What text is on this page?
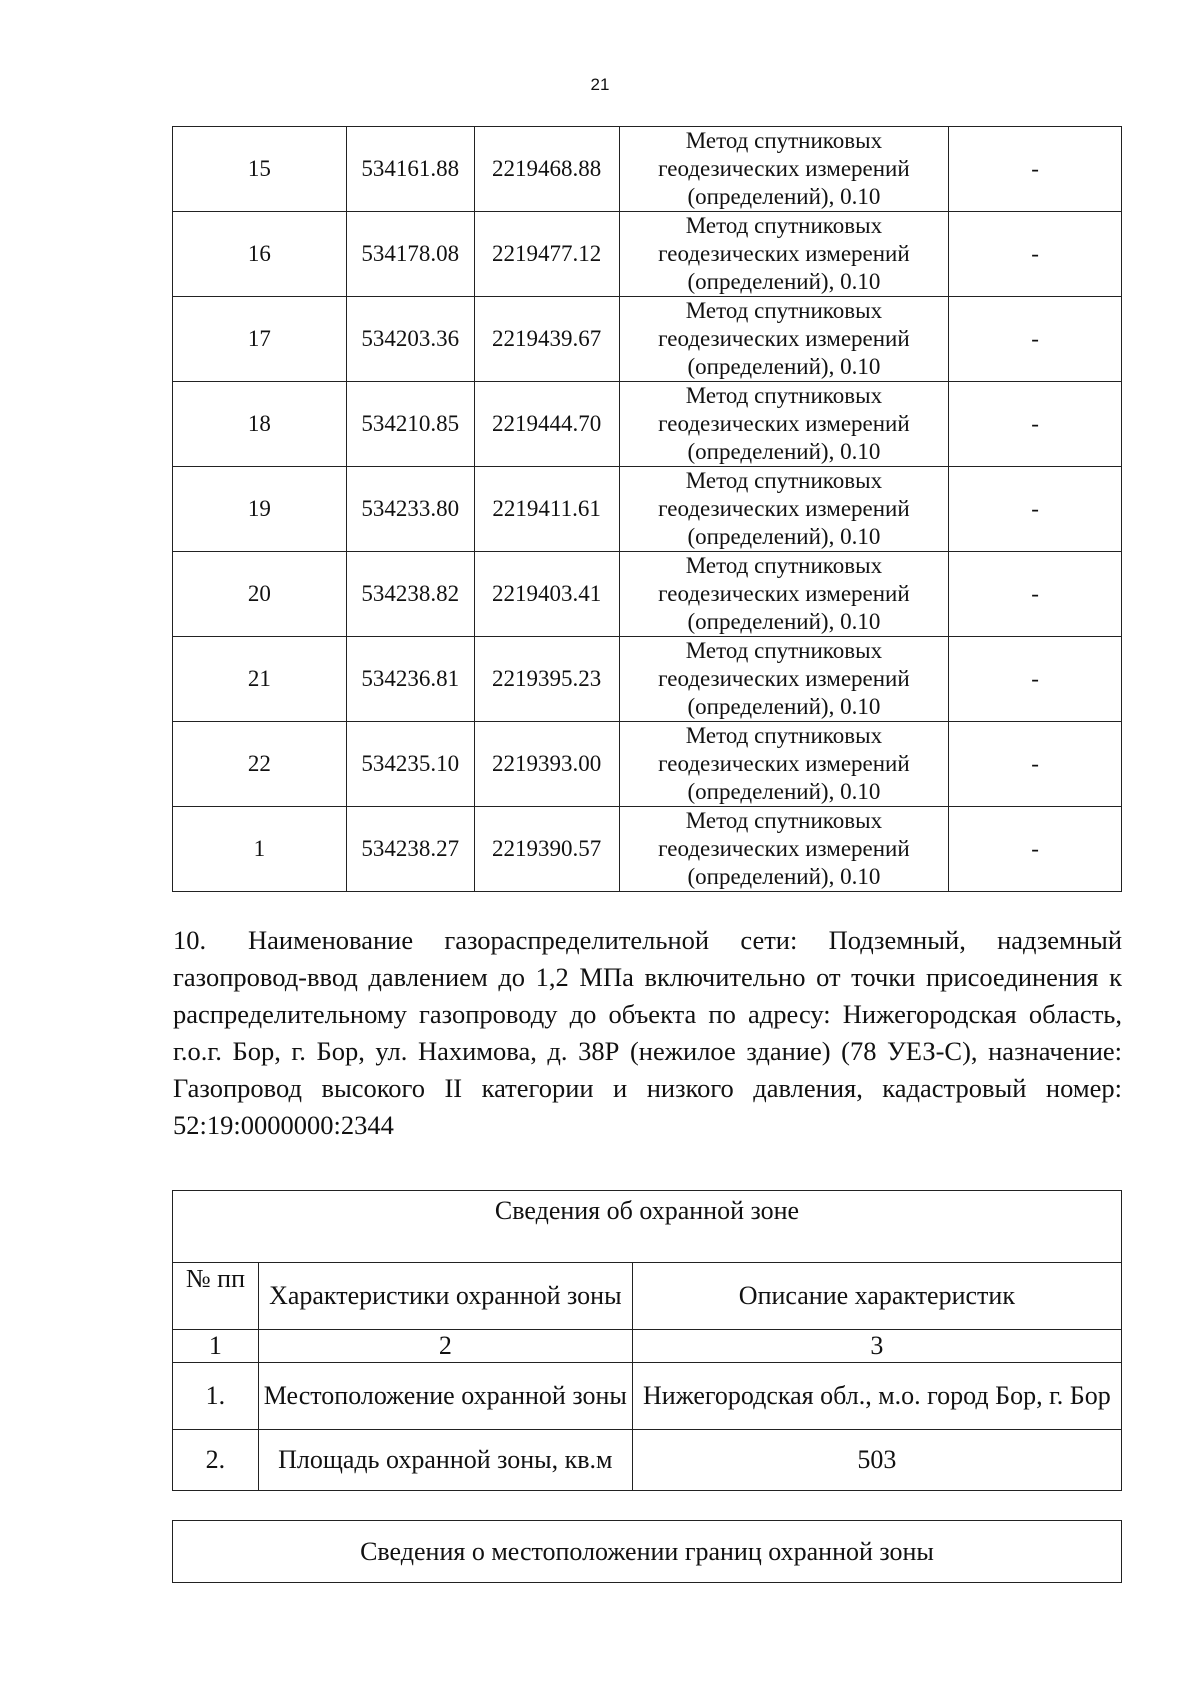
21
15	534161.88	2219468.88	Метод спутниковых
геодезических измерений
(определений), 0.10	-
16	534178.08	2219477.12	Метод спутниковых
геодезических измерений
(определений), 0.10	-
17	534203.36	2219439.67	Метод спутниковых
геодезических измерений
(определений), 0.10	-
18	534210.85	2219444.70	Метод спутниковых
геодезических измерений
(определений), 0.10	-
19	534233.80	2219411.61	Метод спутниковых
геодезических измерений
(определений), 0.10	-
20	534238.82	2219403.41	Метод спутниковых
геодезических измерений
(определений), 0.10	-
21	534236.81	2219395.23	Метод спутниковых
геодезических измерений
(определений), 0.10	-
22	534235.10	2219393.00	Метод спутниковых
геодезических измерений
(определений), 0.10	-
1	534238.27	2219390.57	Метод спутниковых
геодезических измерений
(определений), 0.10	-

10. Наименование газораспределительной сети: Подземный, надземный газопровод-ввод давлением до 1,2 МПа включительно от точки присоединения к распределительному газопроводу до объекта по адресу: Нижегородская область, г.о.г. Бор, г. Бор, ул. Нахимова, д. 38Р (нежилое здание) (78 УЕЗ-С), назначение: Газопровод высокого II категории и низкого давления, кадастровый номер: 52:19:0000000:2344

Сведения об охранной зоне		
№ пп	Характеристики охранной зоны	Описание характеристик
1	2	3
1.	Местоположение охранной зоны	Нижегородская обл., м.о. город Бор, г. Бор
2.	Площадь охранной зоны, кв.м	503
Сведения о местоположении границ охранной зоны
